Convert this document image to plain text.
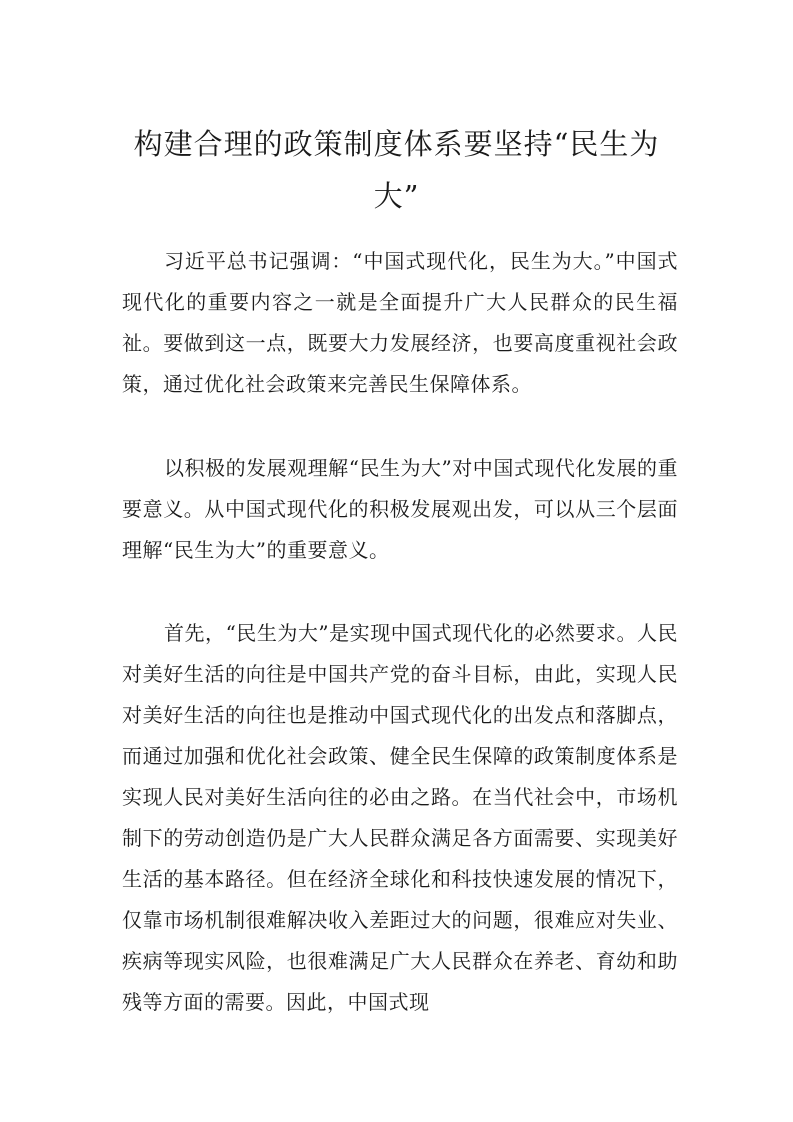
构建合理的政策制度体系要坚持“民生为大”

习近平总书记强调：“中国式现代化，民生为大。”中国式现代化的重要内容之一就是全面提升广大人民群众的民生福祉。要做到这一点，既要大力发展经济，也要高度重视社会政策，通过优化社会政策来完善民生保障体系。

以积极的发展观理解“民生为大”对中国式现代化发展的重要意义。从中国式现代化的积极发展观出发，可以从三个层面理解“民生为大”的重要意义。

首先，“民生为大”是实现中国式现代化的必然要求。人民对美好生活的向往是中国共产党的奋斗目标，由此，实现人民对美好生活的向往也是推动中国式现代化的出发点和落脚点，而通过加强和优化社会政策、健全民生保障的政策制度体系是实现人民对美好生活向往的必由之路。在当代社会中，市场机制下的劳动创造仍是广大人民群众满足各方面需要、实现美好生活的基本路径。但在经济全球化和科技快速发展的情况下，仅靠市场机制很难解决收入差距过大的问题，很难应对失业、疾病等现实风险，也很难满足广大人民群众在养老、育幼和助残等方面的需要。因此，中国式现
